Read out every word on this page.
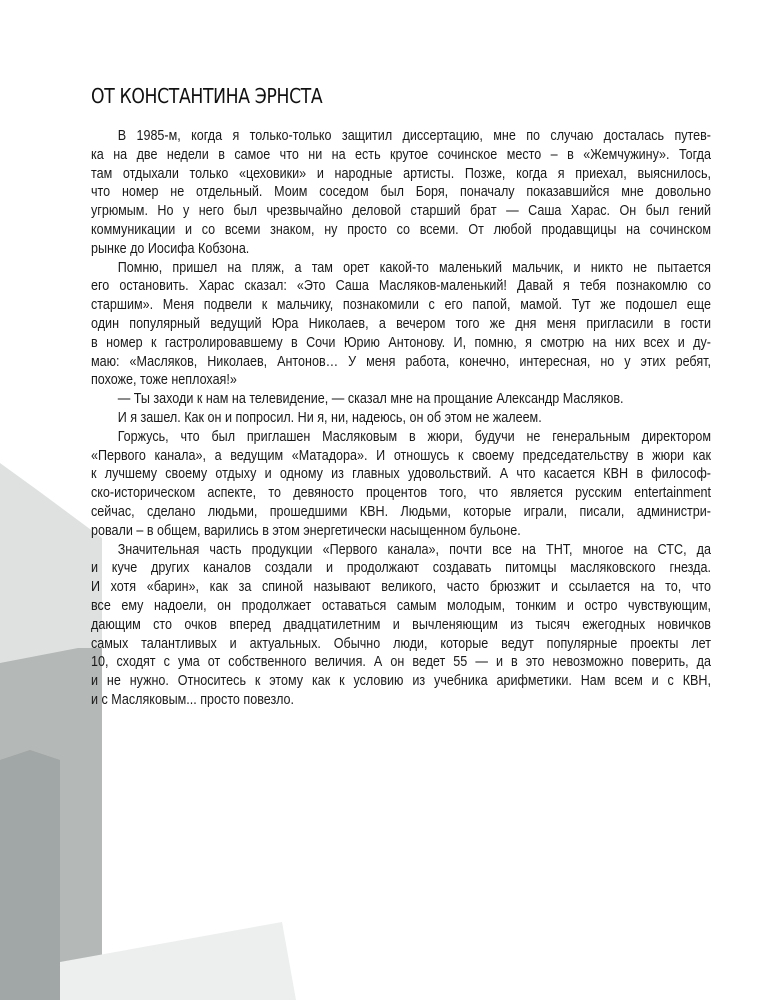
ОТ КОНСТАНТИНА ЭРНСТА
В 1985-м, когда я только-только защитил диссертацию, мне по случаю досталась путев-
ка на две недели в самое что ни на есть крутое сочинское место – в «Жемчужину». Тогда
там отдыхали только «цеховики» и народные артисты. Позже, когда я приехал, выяснилось,
что номер не отдельный. Моим соседом был Боря, поначалу показавшийся мне довольно
угрюмым. Но у него был чрезвычайно деловой старший брат — Саша Харас. Он был гений
коммуникации и со всеми знаком, ну просто со всеми. От любой продавщицы на сочинском
рынке до Иосифа Кобзона.
Помню, пришел на пляж, а там орет какой-то маленький мальчик, и никто не пытается
его остановить. Харас сказал: «Это Саша Масляков-маленький! Давай я тебя познакомлю со
старшим». Меня подвели к мальчику, познакомили с его папой, мамой. Тут же подошел еще
один популярный ведущий Юра Николаев, а вечером того же дня меня пригласили в гости
в номер к гастролировавшему в Сочи Юрию Антонову. И, помню, я смотрю на них всех и ду-
маю: «Масляков, Николаев, Антонов… У меня работа, конечно, интересная, но у этих ребят,
похоже, тоже неплохая!»
— Ты заходи к нам на телевидение, — сказал мне на прощание Александр Масляков.
И я зашел. Как он и попросил. Ни я, ни, надеюсь, он об этом не жалеем.
Горжусь, что был приглашен Масляковым в жюри, будучи не генеральным директором
«Первого канала», а ведущим «Матадора». И отношусь к своему председательству в жюри как
к лучшему своему отдыху и одному из главных удовольствий. А что касается КВН в философ-
ско-историческом аспекте, то девяносто процентов того, что является русским entertainment
сейчас, сделано людьми, прошедшими КВН. Людьми, которые играли, писали, администри-
ровали – в общем, варились в этом энергетически насыщенном бульоне.
Значительная часть продукции «Первого канала», почти все на ТНТ, многое на СТС, да
и куче других каналов создали и продолжают создавать питомцы масляковского гнезда.
И хотя «барин», как за спиной называют великого, часто брюзжит и ссылается на то, что
все ему надоели, он продолжает оставаться самым молодым, тонким и остро чувствующим,
дающим сто очков вперед двадцатилетним и вычленяющим из тысяч ежегодных новичков
самых талантливых и актуальных. Обычно люди, которые ведут популярные проекты лет
10, сходят с ума от собственного величия. А он ведет 55 — и в это невозможно поверить, да
и не нужно. Относитесь к этому как к условию из учебника арифметики. Нам всем и с КВН,
и с Масляковым... просто повезло.
